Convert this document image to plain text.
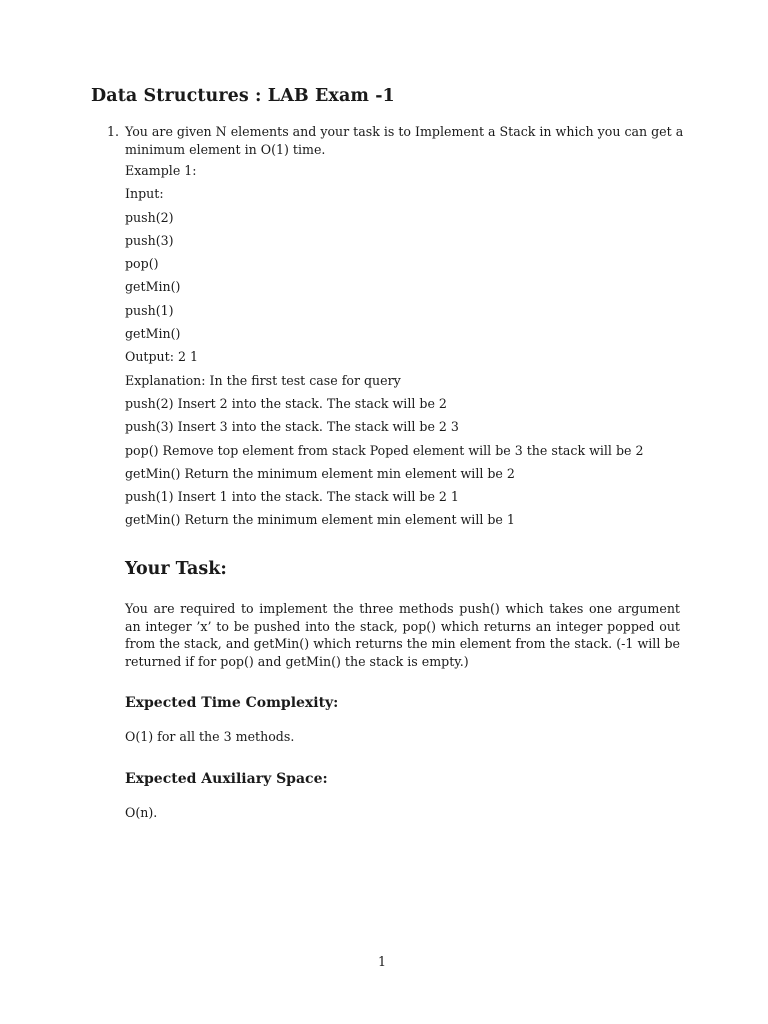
Data Structures : LAB Exam -1
1. You are given N elements and your task is to Implement a Stack in which you can get a minimum element in O(1) time.
Example 1:
Input:
push(2)
push(3)
pop()
getMin()
push(1)
getMin()
Output: 2 1
Explanation: In the first test case for query
push(2) Insert 2 into the stack. The stack will be 2
push(3) Insert 3 into the stack. The stack will be 2 3
pop() Remove top element from stack Poped element will be 3 the stack will be 2
getMin() Return the minimum element min element will be 2
push(1) Insert 1 into the stack. The stack will be 2 1
getMin() Return the minimum element min element will be 1
Your Task:
You are required to implement the three methods push() which takes one argument an integer ’x’ to be pushed into the stack, pop() which returns an integer popped out from the stack, and getMin() which returns the min element from the stack. (-1 will be returned if for pop() and getMin() the stack is empty.)
Expected Time Complexity:
O(1) for all the 3 methods.
Expected Auxiliary Space:
O(n).
1
